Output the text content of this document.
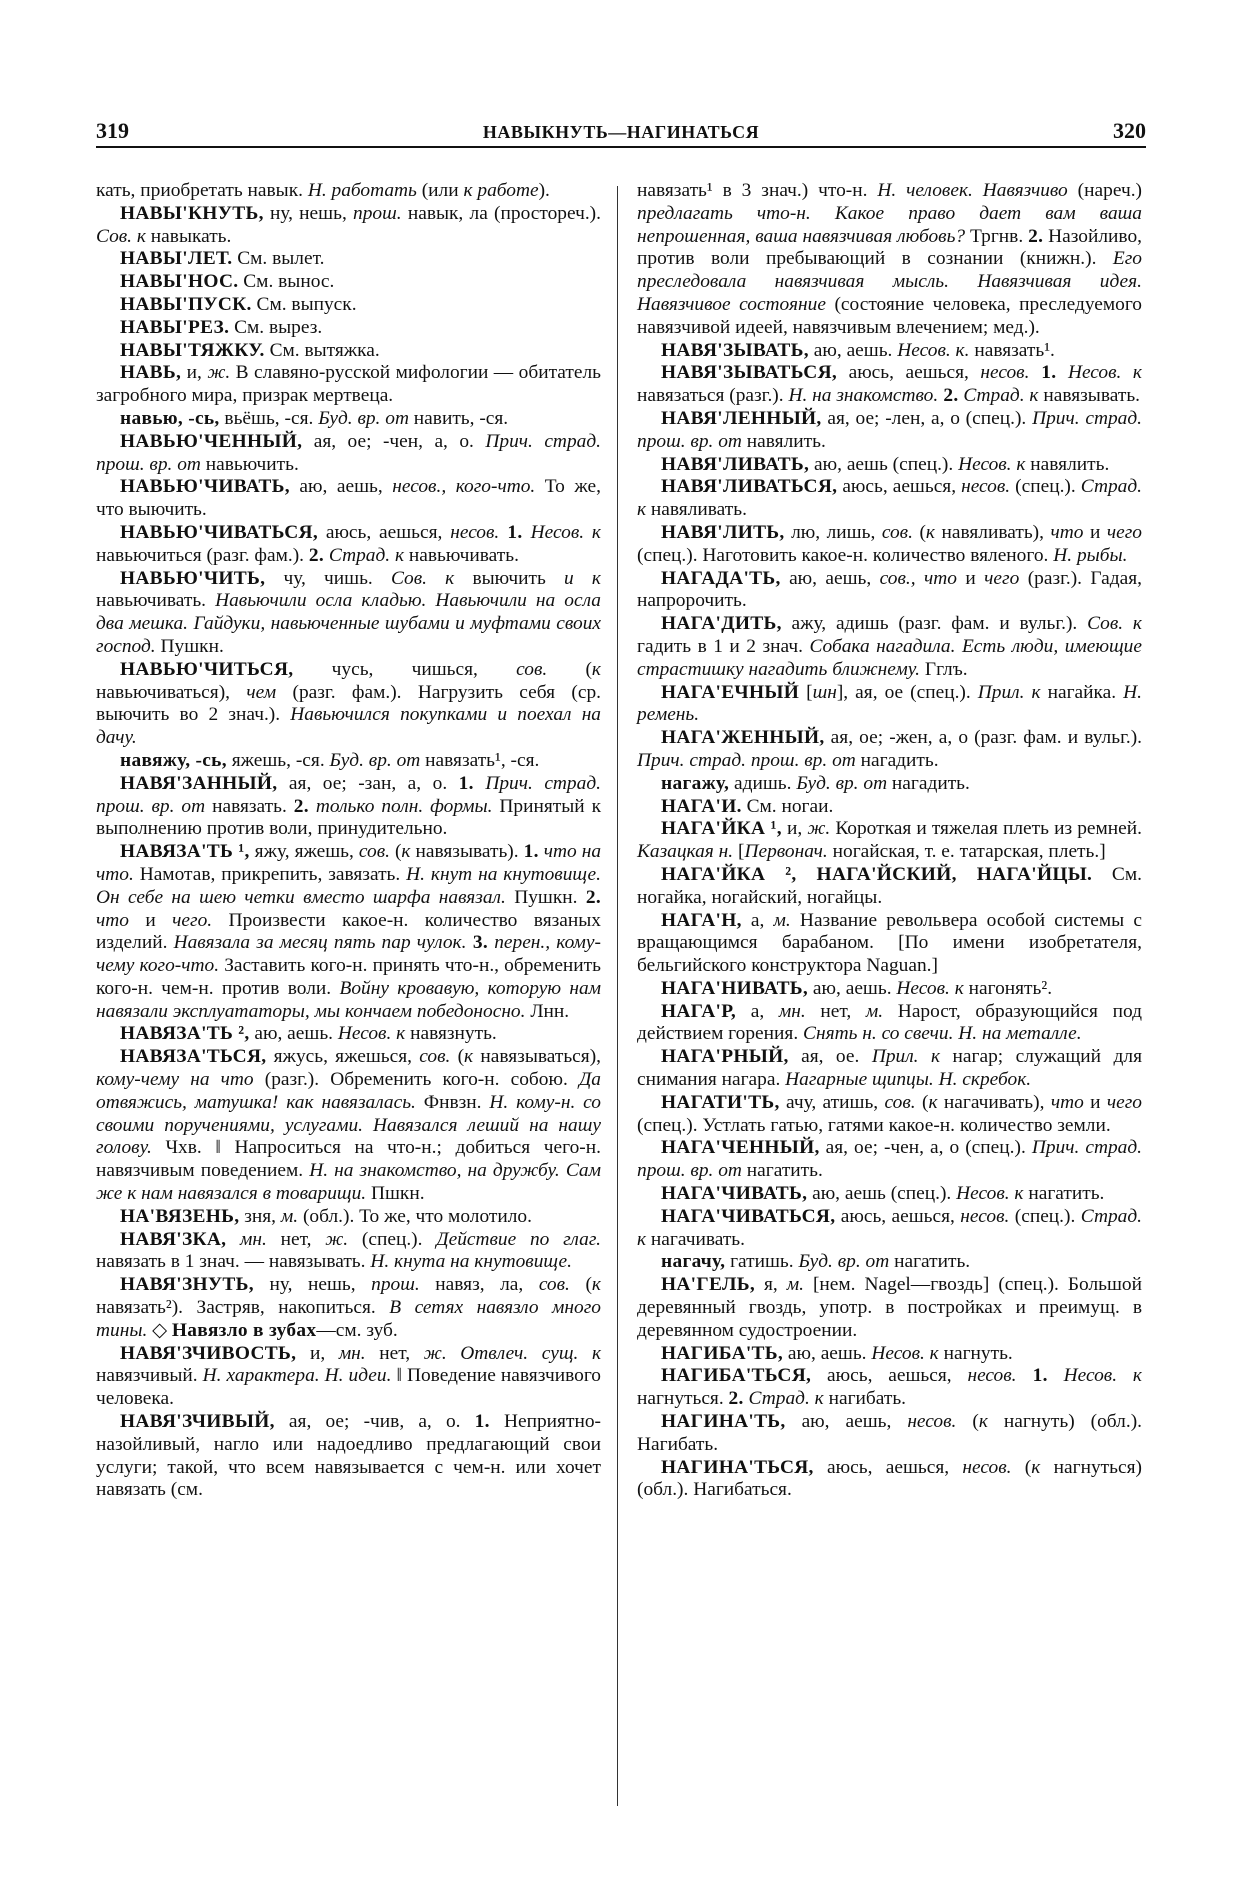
319	НАВЫКНУТЬ—НАГИНАТЬСЯ	320

кать, приобретать навык. Н. работать (или к работе).

НАВЫ'КНУТЬ, ну, нешь, прош. навык, ла (простореч.). Сов. к навыкать.

НАВЫ'ЛЕТ. См. вылет.

НАВЫ'НОС. См. вынос.

НАВЫ'ПУСК. См. выпуск.

НАВЫ'РЕЗ. См. вырез.

НАВЫ'ТЯЖКУ. См. вытяжка.

НАВЬ, и, ж. В славяно-русской мифологии — обитатель загробного мира, призрак мертвеца.

навью, -сь, вьёшь, -ся. Буд. вр. от навить, -ся.

НАВЬЮ'ЧЕННЫЙ, ая, ое; -чен, а, о. Прич. страд. прош. вр. от навьючить.

НАВЬЮ'ЧИВАТЬ, аю, аешь, несов., кого-что. То же, что выючить.

НАВЬЮ'ЧИВАТЬСЯ, аюсь, аешься, несов. 1. Несов. к навьючиться (разг. фам.). 2. Страд. к навьючивать.

НАВЬЮ'ЧИТЬ, чу, чишь. Сов. к выючить и к навьючивать. Навьючили осла кладью. Навьючили на осла два мешка. Гайдуки, навьюченные шубами и муфтами своих господ. Пушкн.

НАВЬЮ'ЧИТЬСЯ, чусь, чишься, сов. (к навьючиваться), чем (разг. фам.). Нагрузить себя (ср. выючить во 2 знач.). Навьючился покупками и поехал на дачу.

навяжу, -сь, яжешь, -ся. Буд. вр. от навязать¹, -ся.

НАВЯ'ЗАННЫЙ, ая, ое; -зан, а, о. 1. Прич. страд. прош. вр. от навязать. 2. только полн. формы. Принятый к выполнению против воли, принудительно.

НАВЯЗА'ТЬ ¹, яжу, яжешь, сов. (к навязывать). 1. что на что. Намотав, прикрепить, завязать. Н. кнут на кнутовище. Он себе на шею четки вместо шарфа навязал. Пушкн. 2. что и чего. Произвести какое-н. количество вязаных изделий. Навязала за месяц пять пар чулок. 3. перен., кому-чему кого-что. Заставить кого-н. принять что-н., обременить кого-н. чем-н. против воли. Войну кровавую, которую нам навязали эксплуататоры, мы кончаем победоносно. Лнн.

НАВЯЗА'ТЬ ², аю, аешь. Несов. к навязнуть.

НАВЯЗА'ТЬСЯ, яжусь, яжешься, сов. (к навязываться), кому-чему на что (разг.). Обременить кого-н. собою. Да отвяжись, матушка! как навязалась. Фнвзн. Н. кому-н. со своими поручениями, услугами. Навязался леший на нашу голову. Чхв. ‖ Напроситься на что-н.; добиться чего-н. навязчивым поведением. Н. на знакомство, на дружбу. Сам же к нам навязался в товарищи. Пшкн.

НА'ВЯЗЕНЬ, зня, м. (обл.). То же, что молотило.

НАВЯ'ЗКА, мн. нет, ж. (спец.). Действие по глаг. навязать в 1 знач. — навязывать. Н. кнута на кнутовище.

НАВЯ'ЗНУТЬ, ну, нешь, прош. навяз, ла, сов. (к навязать²). Застряв, накопиться. В сетях навязло много тины. ◇ Навязло в зубах—см. зуб.

НАВЯ'ЗЧИВОСТЬ, и, мн. нет, ж. Отвлеч. сущ. к навязчивый. Н. характера. Н. идеи. ‖ Поведение навязчивого человека.

НАВЯ'ЗЧИВЫЙ, ая, ое; -чив, а, о. 1. Неприятно-назойливый, нагло или надоедливо предлагающий свои услуги; такой, что всем навязывается с чем-н. или хочет навязать (см.

навязать¹ в 3 знач.) что-н. Н. человек. Навязчиво (нареч.) предлагать что-н. Какое право дает вам ваша непрошенная, ваша навязчивая любовь? Тргнв. 2. Назойливо, против воли пребывающий в сознании (книжн.). Его преследовала навязчивая мысль. Навязчивая идея. Навязчивое состояние (состояние человека, преследуемого навязчивой идеей, навязчивым влечением; мед.).

НАВЯ'ЗЫВАТЬ, аю, аешь. Несов. к. навязать¹.

НАВЯ'ЗЫВАТЬСЯ, аюсь, аешься, несов. 1. Несов. к навязаться (разг.). Н. на знакомство. 2. Страд. к навязывать.

НАВЯ'ЛЕННЫЙ, ая, ое; -лен, а, о (спец.). Прич. страд. прош. вр. от навялить.

НАВЯ'ЛИВАТЬ, аю, аешь (спец.). Несов. к навялить.

НАВЯ'ЛИВАТЬСЯ, аюсь, аешься, несов. (спец.). Страд. к навяливать.

НАВЯ'ЛИТЬ, лю, лишь, сов. (к навяливать), что и чего (спец.). Наготовить какое-н. количество вяленого. Н. рыбы.

НАГАДА'ТЬ, аю, аешь, сов., что и чего (разг.). Гадая, напророчить.

НАГА'ДИТЬ, ажу, адишь (разг. фам. и вульг.). Сов. к гадить в 1 и 2 знач. Собака нагадила. Есть люди, имеющие страстишку нагадить ближнему. Гглъ.

НАГА'ЕЧНЫЙ [шн], ая, ое (спец.). Прил. к нагайка. Н. ремень.

НАГА'ЖЕННЫЙ, ая, ое; -жен, а, о (разг. фам. и вульг.). Прич. страд. прош. вр. от нагадить.

нагажу, адишь. Буд. вр. от нагадить.

НАГА'И. См. ногаи.

НАГА'ЙКА ¹, и, ж. Короткая и тяжелая плеть из ремней. Казацкая н. [Первонач. ногайская, т. е. татарская, плеть.]

НАГА'ЙКА ², НАГА'ЙСКИЙ, НАГА'ЙЦЫ. См. ногайка, ногайский, ногайцы.

НАГА'Н, а, м. Название револьвера особой системы с вращающимся барабаном. [По имени изобретателя, бельгийского конструктора Naguan.]

НАГА'НИВАТЬ, аю, аешь. Несов. к нагонять².

НАГА'Р, а, мн. нет, м. Нарост, образующийся под действием горения. Снять н. со свечи. Н. на металле.

НАГА'РНЫЙ, ая, ое. Прил. к нагар; служащий для снимания нагара. Нагарные щипцы. Н. скребок.

НАГАТИ'ТЬ, ачу, атишь, сов. (к нагачивать), что и чего (спец.). Устлать гатью, гатями какое-н. количество земли.

НАГА'ЧЕННЫЙ, ая, ое; -чен, а, о (спец.). Прич. страд. прош. вр. от нагатить.

НАГА'ЧИВАТЬ, аю, аешь (спец.). Несов. к нагатить.

НАГА'ЧИВАТЬСЯ, аюсь, аешься, несов. (спец.). Страд. к нагачивать.

нагачу, гатишь. Буд. вр. от нагатить.

НА'ГЕЛЬ, я, м. [нем. Nagel—гвоздь] (спец.). Большой деревянный гвоздь, употр. в постройках и преимущ. в деревянном судостроении.

НАГИБА'ТЬ, аю, аешь. Несов. к нагнуть.

НАГИБА'ТЬСЯ, аюсь, аешься, несов. 1. Несов. к нагнуться. 2. Страд. к нагибать.

НАГИНА'ТЬ, аю, аешь, несов. (к нагнуть) (обл.). Нагибать.

НАГИНА'ТЬСЯ, аюсь, аешься, несов. (к нагнуться) (обл.). Нагибаться.
